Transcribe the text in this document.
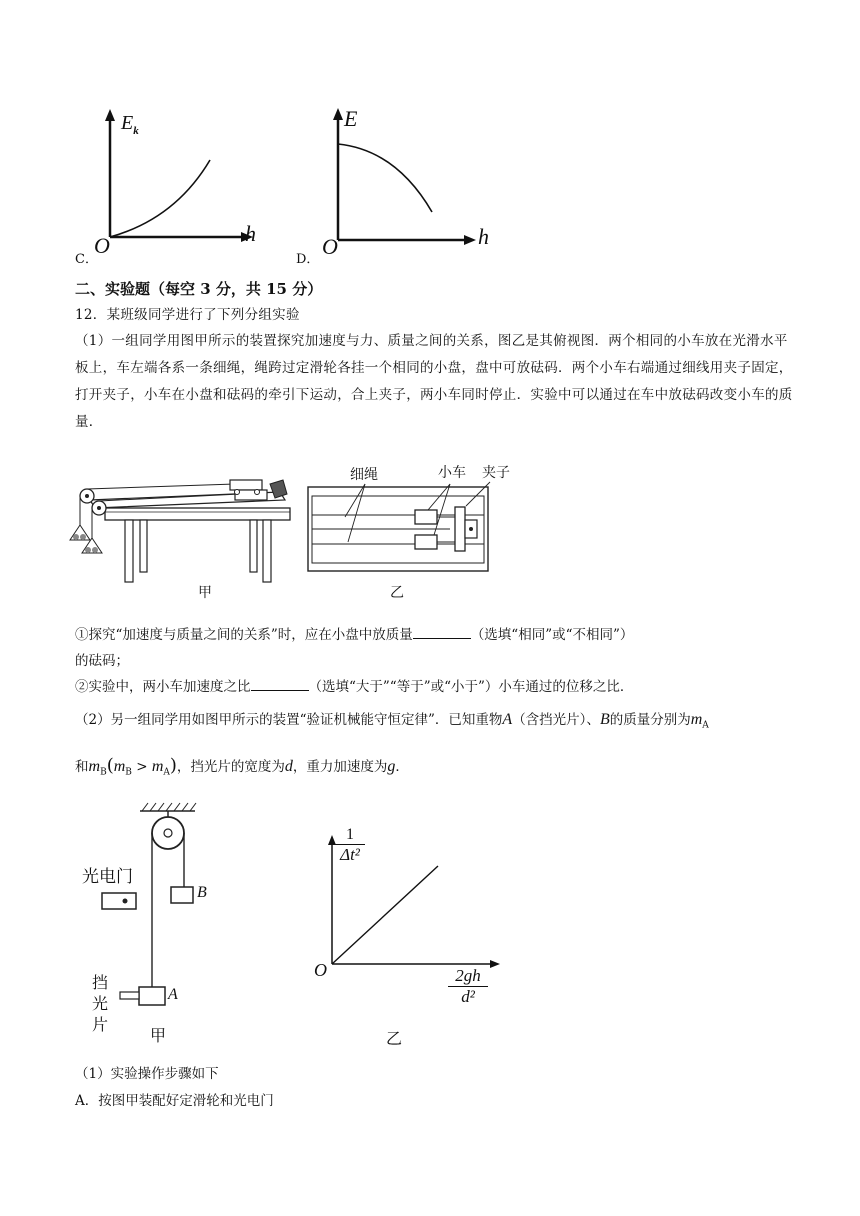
C．
$E_k$
h
O
D．
E
h
O
二、实验题（每空 3 分，共 15 分）
12．某班级同学进行了下列分组实验
（1）一组同学用图甲所示的装置探究加速度与力、质量之间的关系，图乙是其俯视图．两个相同的小车放在光滑水平板上，车左端各系一条细绳，绳跨过定滑轮各挂一个相同的小盘，盘中可放砝码．两个小车右端通过细线用夹子固定，打开夹子，小车在小盘和砝码的牵引下运动，合上夹子，两小车同时停止．实验中可以通过在车中放砝码改变小车的质量．
甲
细绳	小车 夹子
乙
①探究“加速度与质量之间的关系”时，应在小盘中放质量	（选填“相同”或“不相同”）
的砝码；
②实验中，两小车加速度之比	（选填“大于”“等于”或“小于”）小车通过的位移之比．
（2）另一组同学用如图甲所示的装置“验证机械能守恒定律”．已知重物A（含挡光片）、B的质量分别为$m_A$
和$m_B(m_B > m_A)$，挡光片的宽度为d，重力加速度为g．
光电门
B
A
挡
光
片
甲
1
Δt²
O	2gh
d²
乙
（1）实验操作步骤如下
A．按图甲装配好定滑轮和光电门
